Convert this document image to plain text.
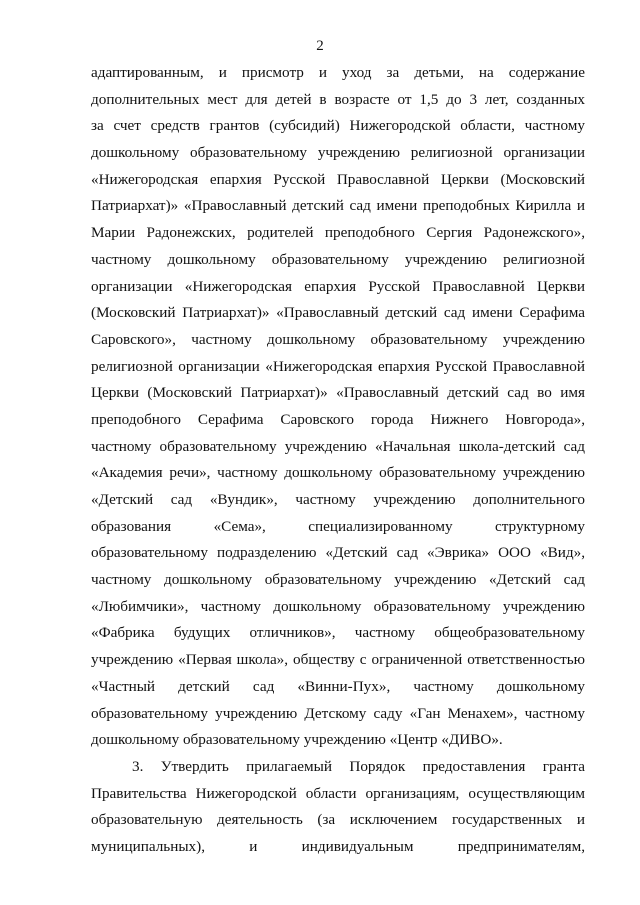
2
адаптированным, и присмотр и уход за детьми, на содержание
дополнительных мест для детей в возрасте от 1,5 до 3 лет, созданных
за счет средств грантов (субсидий) Нижегородской области, частному
дошкольному образовательному учреждению религиозной организации
«Нижегородская епархия Русской Православной Церкви (Московский
Патриархат)» «Православный детский сад имени преподобных Кирилла и
Марии Радонежских, родителей преподобного Сергия Радонежского»,
частному дошкольному образовательному учреждению религиозной
организации «Нижегородская епархия Русской Православной Церкви
(Московский Патриархат)» «Православный детский сад имени Серафима
Саровского», частному дошкольному образовательному учреждению
религиозной организации «Нижегородская епархия Русской Православной
Церкви (Московский Патриархат)» «Православный детский сад во имя
преподобного Серафима Саровского города Нижнего Новгорода»,
частному образовательному учреждению «Начальная школа-детский сад
«Академия речи», частному дошкольному образовательному учреждению
«Детский сад «Вундик», частному учреждению дополнительного
образования «Сема», специализированному структурному
образовательному подразделению «Детский сад «Эврика» ООО «Вид»,
частному дошкольному образовательному учреждению «Детский сад
«Любимчики», частному дошкольному образовательному учреждению
«Фабрика будущих отличников», частному общеобразовательному
учреждению «Первая школа», обществу с ограниченной ответственностью
«Частный детский сад «Винни-Пух», частному дошкольному
образовательному учреждению Детскому саду «Ган Менахем», частному
дошкольному образовательному учреждению «Центр «ДИВО».
3. Утвердить прилагаемый Порядок предоставления гранта
Правительства Нижегородской области организациям, осуществляющим
образовательную деятельность (за исключением государственных и
муниципальных), и индивидуальным предпринимателям,
